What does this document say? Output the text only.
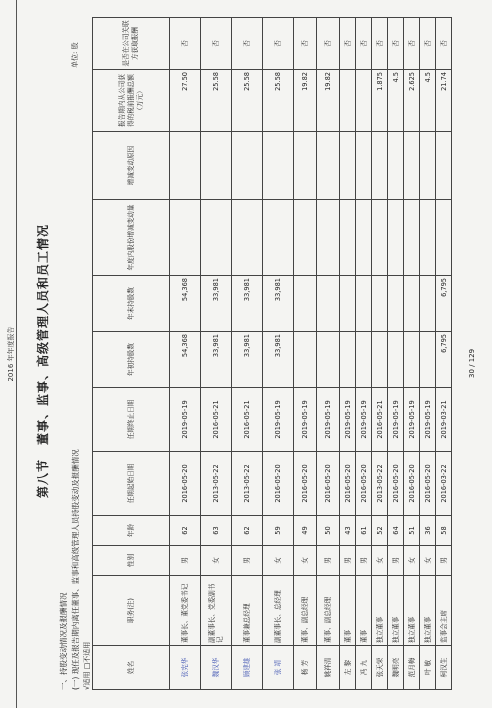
2016 年年度报告
第八节董事、监事、高级管理人员和员工情况
一、持股变动情况及报酬情况 (一) 现任及报告期内离任董事、监事和高级管理人员持股变动及报酬情况 √适用 □不适用
单位: 股
姓名	职务(注)	性别	年龄	任期起始日期	任期终止日期	年初持股数	年末持股数	年度内股份增减变动量	增减变动原因	报告期内从公司获得的税前报酬总额（万元）	是否在公司关联方获取报酬
张宪华	董事长、董党委书记	男	62	2016-05-20	2019-05-19	54,368	54,368			27.50	否
魏汉华	副董事长、党委副书记	女	63	2013-05-22	2016-05-21	33,981	33,981			25.58	否
顾建雄	董事兼总经理	男	62	2013-05-22	2016-05-21	33,981	33,981			25.58	否
张 靖	副董事长、总经理	女	59	2016-05-20	2019-05-19	33,981	33,981			25.58	否
杨 芳	董事、副总经理	女	49	2016-05-20	2019-05-19					19.82	否
姚祥清	董事、副总经理	男	50	2016-05-20	2019-05-19					19.82	否
左 黎	董事	男	43	2016-05-20	2019-05-19						否
冯 九	董事	男	61	2016-05-20	2019-05-19						否
张天荣	独立董事	女	52	2013-05-22	2016-05-21					1.875	否
魏明亮	独立董事	男	64	2016-05-20	2019-05-19					4.5	否
范月梅	独立董事	女	51	2016-05-20	2019-05-19					2.625	否
叶 敏	独立董事	女	36	2016-05-20	2019-05-19					4.5	否
柯汉生	监事会主席	男	58	2016-03-22	2019-03-21	6,795	6,795			21.74	否
30 / 129
